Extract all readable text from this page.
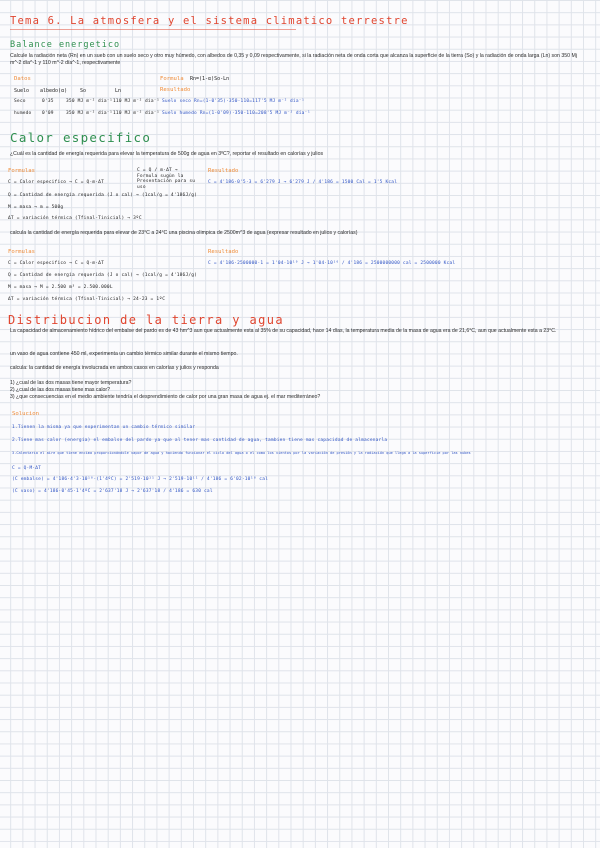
Tema 6. La atmosfera y el sistema climatico terrestre
Balance energetico
Calcule la radiación neta (Rn) en un sueb con un suelo seco y otro muy húmedo, con albedos de 0,35 y 0,09 respectivamente, si la radiación neta de onda corta que alcanza la superficie de la tierra (So) y la radiación de onda larga (Ln) son 350 Mj m^-2 día^-1 y 110 m^-2 día^-1, respectivamente
Datos	Formula Rn=(1-α)So-Ln
Resultado
Suelo albedo(α)	So	Ln
Seco	0'35	350 MJ m⁻² día⁻¹ 110 MJ m⁻² día⁻¹
humedo 0'09	350 MJ m⁻² día⁻¹ 110 MJ m⁻² día⁻¹
Suelo seco Rn=(1-0'35)·350-110=117'5 MJ m⁻² día⁻¹
Suelo humedo Rn=(1-0'09)·350-110=208'5 MJ m⁻² día⁻¹
Calor especifico
¿Cuál es la cantidad de energía requerida para elevar la temperatura de 500g de agua en 3ºC?, reportar el resultado en calorías y julios
Formulas	C = Q / m·ΔT → Formula sugún la Presentación para su uso
Resultado
C = Calor especifico → C = Q·m·ΔT
Q = Cantidad de energía requerida (J o cal) → (1cal/g = 4'186J/g)
M = masa → m = 500g
ΔT = variación térmica (Tfinal-Tinicial) → 3ºC
C = 4'186·0'5·3 = 6'279 J → 6'279 J / 4'186 = 1500 Cal = 1'5 Kcal
calcula la cantidad de energía requerida para elevar de 23°C a 24°C una piscina olimpica de 2500m^3 de agua (expresar resultado en julios y calorías)
Formulas	Resultado
C = Calor especifico → C = Q·m·ΔT
Q = Cantidad de energía requerida (J o cal) → (1cal/g = 4'186J/g)
M = masa → M = 2.500 m³ = 2.500.000L
ΔT = variación térmica (Tfinal-Tinicial) → 24-23 = 1ºC
C = 4'186·2500000·1 = 1'04·10¹⁰ J → 1'04·10¹⁰ / 4'186 = 2500000000 cal = 2500000 Kcal
Distribucion de la tierra y agua
La capacidad de almacenamiento hídrico del embalse del pardo es de 43 hm^3 aun que actualmente esta al 35% de su capacidad, hace 14 días, la temperatura media de la masa de agua era de 21,6°C, aun que actualmente esta a 23°C.
un vaso de agua contiene 450 ml, experimenta un cambio térmico similar durante el mismo tiempo.
calcula: la cantidad de energía involucrada en ambos casos en calorías y julios y responda
1) ¿cual de las dos masas tiene mayor temperatura?
2) ¿cual de las dos masas tiene mas calor?
3) ¿que consecuencias en el medio ambiente tendría el desprendimiento de calor por una gran masa de agua ej. el mar mediterráneo?
Solucion
1.Tienen la misma ya que experimentan un cambio térmico similar
2.Tiene mas calor (energía) el embalse del pardo ya que al tener mas cantidad de agua, tambien tiene mas capacidad de almacenarla
3.Calentaría el aire que tiene encima proporcionándole vapor de agua y haciendo funcionar el ciclo del agua o el como los vientos por la variación de presión y la radiación que llega a la superficie por las nubes
C = Q·M·ΔT
(C embalse) = 4'186·4'3·10¹⁰·(1'4ºC) = 2'519·10¹¹ J → 2'519·10¹¹ / 4'186 = 6'02·10¹⁰ cal
(C vaso) = 4'186·0'45·1'4ºC = 2'637'18 J → 2'637'18 / 4'186 = 630 cal
